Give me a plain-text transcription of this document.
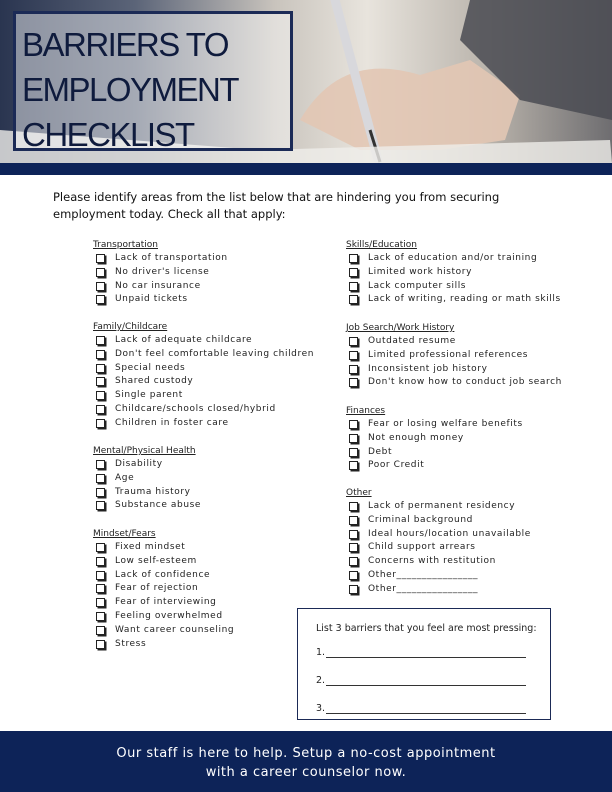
BARRIERS TO
EMPLOYMENT
CHECKLIST
Please identify areas from the list below that are hindering you from securing employment today. Check all that apply:
Transportation
Lack of transportation
No driver's license
No car insurance
Unpaid tickets
Family/Childcare
Lack of adequate childcare
Don't feel comfortable leaving children
Special needs
Shared custody
Single parent
Childcare/schools closed/hybrid
Children in foster care
Mental/Physical Health
Disability
Age
Trauma history
Substance abuse
Mindset/Fears
Fixed mindset
Low self-esteem
Lack of confidence
Fear of rejection
Fear of interviewing
Feeling overwhelmed
Want career counseling
Stress
Skills/Education
Lack of education and/or training
Limited work history
Lack computer sills
Lack of writing, reading or math skills
Job Search/Work History
Outdated resume
Limited professional references
Inconsistent job history
Don't know how to conduct job search
Finances
Fear or losing welfare benefits
Not enough money
Debt
Poor Credit
Other
Lack of permanent residency
Criminal background
Ideal hours/location unavailable
Child support arrears
Concerns with restitution
Other________________
Other________________
List 3 barriers that you feel are most pressing:
1.
2.
3.

Our staff is here to help. Setup a no-cost appointment

with a career counselor now.
